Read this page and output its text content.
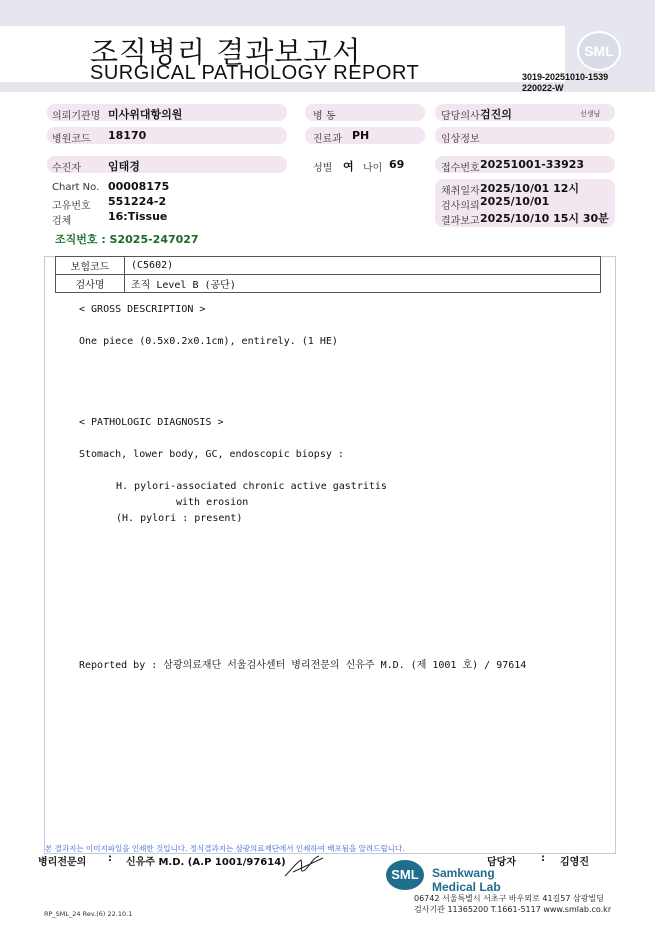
조직병리 결과보고서
SURGICAL PATHOLOGY REPORT
SML
3019-20251010-1539
220022-W
의뢰기관명 미사위대항의원	병 동	담당의사 검진의	선생님
병원코드 18170	진료과 PH	임상정보
수진자 임태경	성별 여 나이 69	접수번호 20251001-33923
Chart No. 00008175
고유번호 551224-2
검체	16:Tissue
채취일자 2025/10/01 12시
검사의뢰 2025/10/01
결과보고 2025/10/10 15시 30분
조직번호 : S2025-247027
보험코드	(C5602)
검사명	조직 Level B (공단)
< GROSS DESCRIPTION >
One piece (0.5x0.2x0.1cm), entirely. (1 HE)
< PATHOLOGIC DIAGNOSIS >
Stomach, lower body, GC, endoscopic biopsy :
H. pylori-associated chronic active gastritis
with erosion
(H. pylori : present)
Reported by : 삼광의료재단 서울검사센터 병리전문의 신유주 M.D. (제 1001 호) / 97614
본 결과지는 이미지파일을 인쇄한 것입니다. 정식결과지는 삼광의료재단에서 인쇄하여 배포됨을 알려드립니다.
병리전문의 : 신유주 M.D. (A.P 1001/97614)	담당자	: 김영진
SML	Samkwang
Medical Lab
06742 서울특별시 서초구 바우뫼로 41길57 삼광빌딩
검사기관 11365200 T.1661-5117 www.smlab.co.kr
RP_SML_24 Rev.(6) 22.10.1
